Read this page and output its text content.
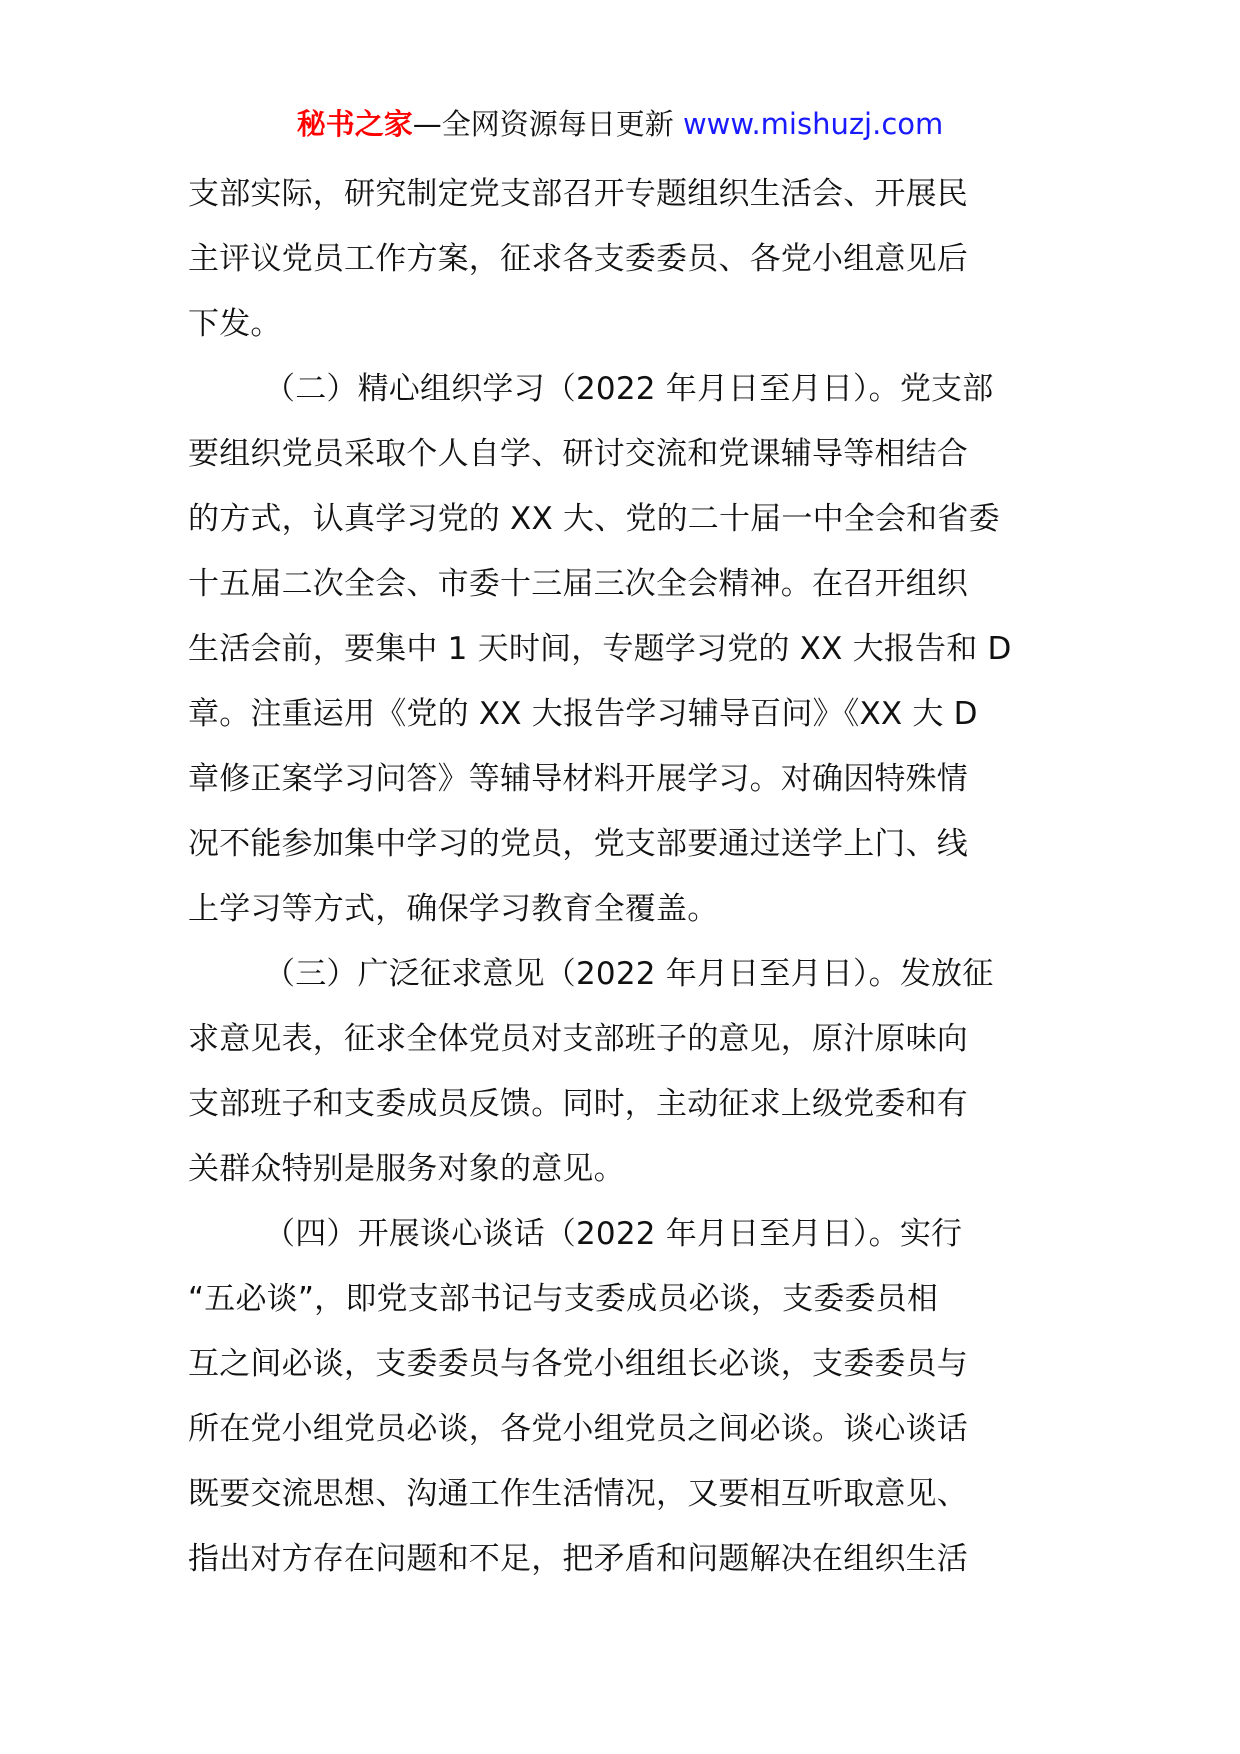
秘书之家—全网资源每日更新 www.mishuzj.com
支部实际，研究制定党支部召开专题组织生活会、开展民
主评议党员工作方案，征求各支委委员、各党小组意见后
下发。
（二）精心组织学习（2022 年月日至月日）。党支部
要组织党员采取个人自学、研讨交流和党课辅导等相结合
的方式，认真学习党的 XX 大、党的二十届一中全会和省委
十五届二次全会、市委十三届三次全会精神。在召开组织
生活会前，要集中 1 天时间，专题学习党的 XX 大报告和 D
章。注重运用《党的 XX 大报告学习辅导百问》《XX 大 D
章修正案学习问答》等辅导材料开展学习。对确因特殊情
况不能参加集中学习的党员，党支部要通过送学上门、线
上学习等方式，确保学习教育全覆盖。
（三）广泛征求意见（2022 年月日至月日）。发放征
求意见表，征求全体党员对支部班子的意见，原汁原味向
支部班子和支委成员反馈。同时，主动征求上级党委和有
关群众特别是服务对象的意见。
（四）开展谈心谈话（2022 年月日至月日）。实行
“五必谈”，即党支部书记与支委成员必谈，支委委员相
互之间必谈，支委委员与各党小组组长必谈，支委委员与
所在党小组党员必谈，各党小组党员之间必谈。谈心谈话
既要交流思想、沟通工作生活情况，又要相互听取意见、
指出对方存在问题和不足，把矛盾和问题解决在组织生活
